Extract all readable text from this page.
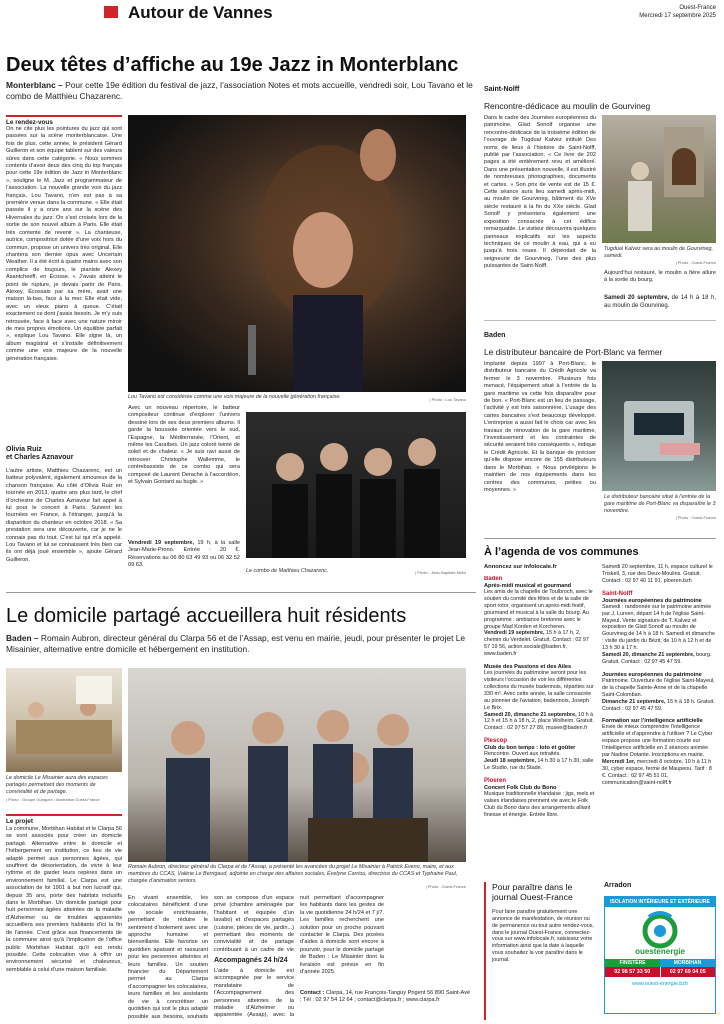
Autour de Vannes	Ouest-France
Mercredi 17 septembre 2025
Deux têtes d’affiche au 19e Jazz in Monterblanc
Monterblanc – Pour cette 19e édition du festival de jazz, l’association Notes et mots accueille, vendredi soir, Lou Tavano et le combo de Matthieu Chazarenc.
Le rendez-vous
On ne cite plus les pointures du jazz qui sont passées sur la scène monterblancaise. Une fois de plus, cette année, le président Gérard Guilleron et son équipe tablent sur des valeurs sûres dans cette catégorie. « Nous sommes contents d’avoir deux des cinq du top français pour cette 19e édition de Jazz in Monterblanc », souligne le M. Jazz et programmateur de l’association. La nouvelle grande voix du jazz français, Lou Tavano, n’en est pas à sa première venue dans la commune. « Elle était passée il y a onze ans sur la scène des Hivernales du jazz. On s’est croisés lors de la sortie de son nouvel album à Paris. Elle était très contente de revenir ». La chanteuse, autrice, compositrice dotée d’une voix hors du commun, propose un univers très original. Elle chantera son dernier opus avec Uncertain Weather. Il a été écrit à quatre mains avec son complice de toujours, le pianiste Alexey Asantcheeff, en Écosse. « J’avais atteint le point de rupture, je devais partir de Paris. Alexey, Écossais par sa mère, avait une maison là-bas, face à la mer. Elle était vide, avec un vieux piano à queue. C’était exactement ce dont j’avais besoin. Je m’y suis retrouvée, face à face avec une nature miroir de mes propres émotions. Un équilibre parfait », explique Lou Tavano. Elle signe là, un album magistral et s’installe définitivement comme une voix majeure de la nouvelle génération française.
Olivia Ruiz
et Charles Aznavour
L’autre artiste, Matthieu Chazarenc, est un batteur polyvalent, également amoureux de la chanson française. Au côté d’Olivia Ruiz en tournée en 2013, quatre ans plus tard, le chef d’orchestre de Charles Aznavour fait appel à lui pour le concert à Paris. Suivent les tournées en France, à l’étranger, jusqu’à la disparition du chanteur en octobre 2018. « Sa prestation sera une découverte, car je ne le connais pas du tout. C’est lui qui m’a appelé. Lou Tavano et lui se connaissent très bien car ils ont déjà joué ensemble », ajoute Gérard Guilleron.
Lou Tavano est considérée comme une voix majeure de la nouvelle génération française.	| Photo : Lou Tavano
Avec un nouveau répertoire, le batteur compositeur continue d’explorer l’univers dessiné lors de ses deux premiers albums. Il garde la boussole orientée vers le sud, l’Espagne, la Méditerranée, l’Orient, et même les Caraïbes. Un jazz coloré teinté de soleil et de chaleur. « Je suis ravi aussi de retrouver Christophe Wallemme, le contrebassiste de ce combo qui sera composé de Laurent Derache à l’accordéon, et Sylvain Gontard au bugle. »
Vendredi 19 septembre, 19 h, à la salle Jean-Marie-Prono. Entrée : 20 €. Réservations au 06 80 63 49 93 ou 06 32 52 09 63.
Le combo de Matthieu Chazarenc.	| Photo : Jean-Baptiste Millot
Saint-Nolff
Rencontre-dédicace au moulin de Gourvineg
Dans le cadre des Journées européennes du patrimoine, Glad Sonolf organise une rencontre-dédicace de la troisième édition de l’ouvrage de Tugdual Kalvez intitulé Des noms de lieux à l’histoire de Saint-Nolff, publié par l’association. « Ce livre de 202 pages a été entièrement revu et amélioré. Dans une présentation nouvelle, il est illustré de nombreuses photographies, documents et cartes. » Son prix de vente est de 15 €. Cette séance aura lieu samedi après-midi, au moulin de Gourvineg, bâtiment du XVe siècle restauré à la fin du XXe siècle. Glad Sonolf y présentera également une exposition consacrée à cet édifice remarquable. Le visiteur découvrira quelques panneaux explicatifs sur les aspects techniques de ce moulin à eau, qui a eu jusqu’à trois roues. Il dépendait de la seigneurie de Gourvineg, l’une des plus puissantes de Saint-Nolff.
Tugdual Kalvez sera au moulin de Gourvineg, samedi.
| Photo : Ouest-France
Aujourd’hui restauré, le moulin a fière allure à la sortie du bourg.
Samedi 20 septembre, de 14 h à 18 h, au moulin de Gourvineg.
Baden
Le distributeur bancaire de Port-Blanc va fermer
Implanté depuis 1997 à Port-Blanc, le distributeur bancaire du Crédit Agricole va fermer le 3 novembre. Plusieurs fois menacé, l’équipement situé à l’entrée de la gare maritime va cette fois disparaître pour de bon. « Port-Blanc est un lieu de passage, l’activité y est très saisonnière. L’usage des cartes bancaires s’est beaucoup développé. L’entreprise a aussi fait le choix car avec les travaux de rénovation de la gare maritime, l’investissement et les contraintes de sécurité seraient très conséquents », indique le Crédit Agricole. Et la banque de préciser qu’elle dispose encore de 155 distributeurs dans le Morbihan. « Nous privilégions le maintien de nos équipements dans les centres des communes, petites ou moyennes. »
Le distributeur bancaire situé à l’entrée de la gare maritime de Port-Blanc va disparaître le 3 novembre.
| Photo : Ouest-France
Le domicile partagé accueillera huit résidents
Baden – Romain Aubron, directeur général du Clarpa 56 et de l’Assap, est venu en mairie, jeudi, pour présenter le projet Le Misainier, alternative entre domicile et hébergement en institution.
Le domicile Le Misainier aura des espaces partagés permettant des moments de convivialité et de partage.
| Photo : Groupe Gueguen / illustration Ouest-France
Le projet
La commune, Morbihan Habitat et le Clarpa 56 se sont associés pour créer un domicile partagé. Alternative entre le domicile et l’hébergement en institution, ce lieu de vie adapté permet aux personnes âgées, qui souffrent de désorientation, de vivre à leur rythme et de garder leurs repères dans un environnement familial. Le Clarpa est une association de loi 1901 à but non lucratif qui, depuis 35 ans, porte des habitats inclusifs dans le Morbihan. Un domicile partagé pour huit personnes âgées atteintes de la maladie d’Alzheimer ou de troubles apparentés accueillera ses premiers habitants d’ici la fin de l’année. C’est grâce aux financements de la commune ainsi qu’à l’implication de l’office public Morbihan Habitat qu’il est rendu possible. Cette colocation vise à offrir un environnement sécurisé et chaleureux, semblable à celui d’une maison familiale.
Romain Aubron, directeur général du Clarpa et de l’Assap, a présenté les avancées du projet Le Misainier à Patrick Eveno, maire, et aux membres du CCAS, Valérie Le Berrigaud, adjointe en charge des affaires sociales, Évelyne Carriou, directrice du CCAS et Typhaine Paul, chargée d’animation seniors.
| Photo : Ouest-France
En vivant ensemble, les colocataires bénéficient d’une vie sociale enrichissante, permettant de réduire le sentiment d’isolement avec une approche humaine et bienveillante. Elle favorise un quotidien apaisant et rassurant pour les personnes atteintes et leurs familles. Un soutien financier du Département permet au Clarpa d’accompagner les colocataires, leurs familles et les assistants de vie à concrétiser un quotidien qui soit le plus adapté possible aux besoins, souhaits
son se compose d’un espace privé (chambre aménagée par l’habitant et équipée d’un lavabo) et d’espaces partagés (cuisine, pièces de vie, jardin...) permettant des moments de convivialité et de partage contribuant à un cadre de vie
Accompagnés 24 h/24
L’aide à domicile est accompagnée par le service mandataire de l’Accompagnement des personnes atteintes de la maladie d’Alzheimer ou apparentée (Assap), avec la
nuit permettant d’accompagner les habitants dans les gestes de la vie quotidienne 24 h/24 et 7 j/7. Les familles recherchent une solution pour un proche pouvant contacter le Clarpa. Des posées d’aides à domicile sont encore à pourvoir, pour le domicile partagé de Baden : Le Misainier dont la livraison est prévue en fin d’année 2025.
Contact : Clarpa, 14, rue François-Tanguy Prigent 56 890 Saint-Avé ; Tél : 02 97 54 12 64 ; contact@clarpa.fr ; www.clarpa.fr
À l’agenda de vos communes
Annoncez sur infolocale.fr
Baden
Après-midi musical et gourmand
Les amis de la chapelle de Toulbroch, avec le soutien du comité des fêtes et de la salle de sport rotor, organisent un après-midi festif, gourmand et musical à la salle du bourg. Au programme : ambiance bretonne avec le groupe Mad Korden et Korcheren.
Vendredi 19 septembre, 15 h à 17 h, 2, chemin du Verdelet. Gratuit. Contact : 02 97 57 19 56, action.sociale@baden.fr, www.baden.fr
Musée des Passions et des Ailes
Les journées du patrimoine seront pour les visiteurs l’occasion de voir les différentes collections du musée badennois, réparties sur 330 m². Avec cette année, la salle consacrée au pionnier de l’aviation, badennois, Joseph Le Brix.
Samedi 20, dimanche 21 septembre, 10 h à 12 h et 15 h à 18 h, 2, place Wolheim. Gratuit. Contact : 02 97 57 27 89, musee@baden.fr
Plescop
Club du bon temps : loto et goûter
Rencontre. Ouvert aux retraités.
Jeudi 18 septembre, 14 h 30 à 17 h 30, salle Le Studio, rue du Stade.
Ploeren
Concert Folk Club du Bono
Musique traditionnelle irlandaise : jigs, reels et valses irlandaises prennent vie avec le Folk Club du Bono dans des arrangements alliant finesse et énergie. Entrée libre.
Samedi 20 septembre, 11 h, espace culturel le Triskell, 3, rue des Deux-Moulins. Gratuit. Contact : 02 97 40 11 91, ploeren.bzh
Saint-Nolff
Journées européennes du patrimoine
Samedi : randonnée sur le patrimoine animée par J. Lurven, départ 14 h de l’église Saint-Mayeul. Vente signature de T. Kalvez et exposition de Glad Sonolf au moulin de Gourvineg de 14 h à 18 h. Samedi et dimanche : visite du jardin du Bézit, de 10 h à 12 h et de 13 h 30 à 17 h.
Samedi 20, dimanche 21 septembre, bourg. Gratuit. Contact : 02 97 45 47 59.
Journées européennes du patrimoine
Patrimoine. Ouverture de l’église Saint-Mayeul, de la chapelle Sainte-Anne et de la chapelle Saint-Colomban.
Dimanche 21 septembre, 15 h à 18 h. Gratuit. Contact : 02 97 45 47 59.
Formation sur l’intelligence artificielle
Envie de mieux comprendre l’intelligence artificielle et d’apprendre à l’utiliser ? Le Cyber espace propose une formation courte sur l’intelligence artificielle en 2 séances animée par Nadine Dotante. Inscriptions en mairie.
Mercredi 1er, mercredi 8 octobre, 10 h à 11 h 30, cyber espace, ferme de Maupeou. Tarif : 8 €. Contact : 02 97 45 51 01, communication@saint-nolff.fr
Pour paraître dans le journal Ouest-France
Pour faire paraître gratuitement une annonce de manifestation, de réunion ou de permanence ou tout autre rendez-vous, dans le journal Ouest-France, connectez-vous sur www.infolocale.fr, saisissez votre information ainsi que la date à laquelle vous souhaitez la voir paraître dans le journal.
Arradon
ISOLATION INTÉRIEURE ET EXTÉRIEURE
ouestenergie
FINISTÈRE	MORBIHAN
02 98 57 33 50	02 97 69 04 05
www.ouest-energie.bzh
